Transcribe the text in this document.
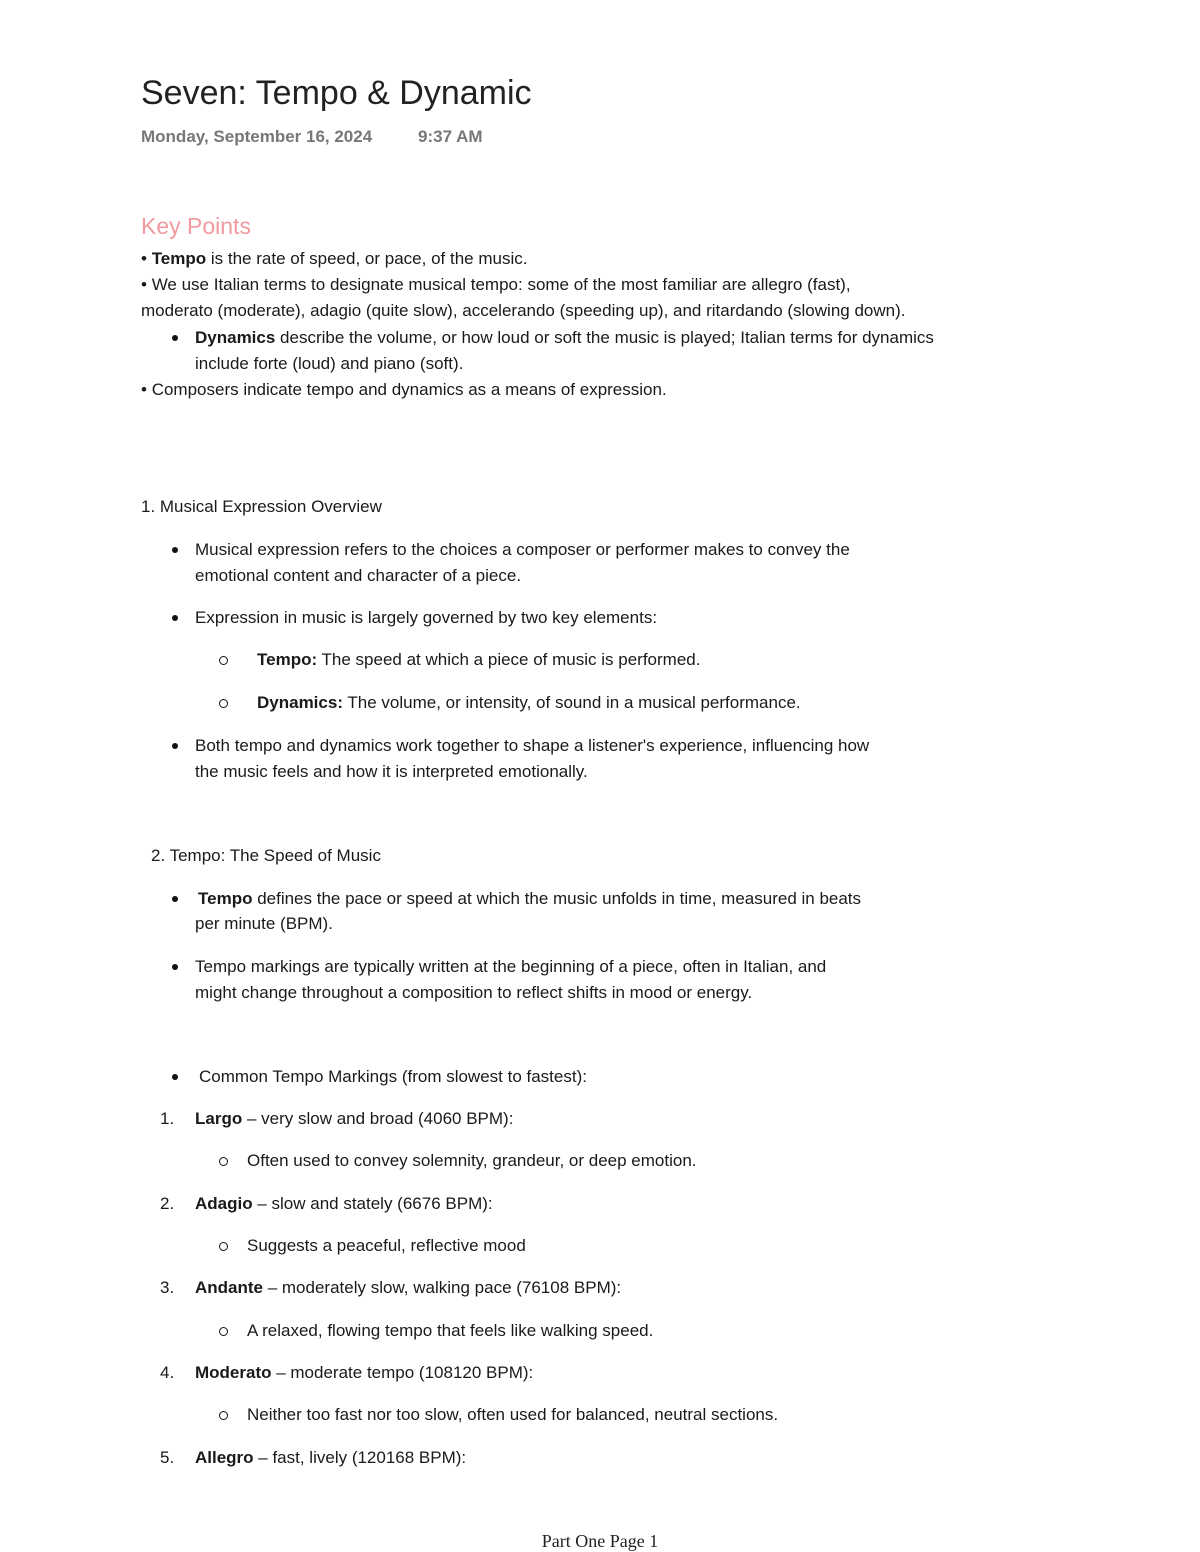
Seven: Tempo & Dynamic
Monday, September 16, 2024	9:37 AM
Key Points
• Tempo is the rate of speed, or pace, of the music.
• We use Italian terms to designate musical tempo: some of the most familiar are allegro (fast),
moderato (moderate), adagio (quite slow), accelerando (speeding up), and ritardando (slowing down).
Dynamics describe the volume, or how loud or soft the music is played; Italian terms for dynamics
include forte (loud) and piano (soft).
• Composers indicate tempo and dynamics as a means of expression.
1. Musical Expression Overview
Musical expression refers to the choices a composer or performer makes to convey the
emotional content and character of a piece.
Expression in music is largely governed by two key elements:
Tempo: The speed at which a piece of music is performed.
Dynamics: The volume, or intensity, of sound in a musical performance.
Both tempo and dynamics work together to shape a listener's experience, influencing how
the music feels and how it is interpreted emotionally.
2. Tempo: The Speed of Music
Tempo defines the pace or speed at which the music unfolds in time, measured in beats
per minute (BPM).
Tempo markings are typically written at the beginning of a piece, often in Italian, and
might change throughout a composition to reflect shifts in mood or energy.
Common Tempo Markings (from slowest to fastest):
1. Largo – very slow and broad (4060 BPM):
Often used to convey solemnity, grandeur, or deep emotion.
2. Adagio – slow and stately (6676 BPM):
Suggests a peaceful, reflective mood
3. Andante – moderately slow, walking pace (76108 BPM):
A relaxed, flowing tempo that feels like walking speed.
4. Moderato – moderate tempo (108120 BPM):
Neither too fast nor too slow, often used for balanced, neutral sections.
5. Allegro – fast, lively (120168 BPM):
Part One Page 1
